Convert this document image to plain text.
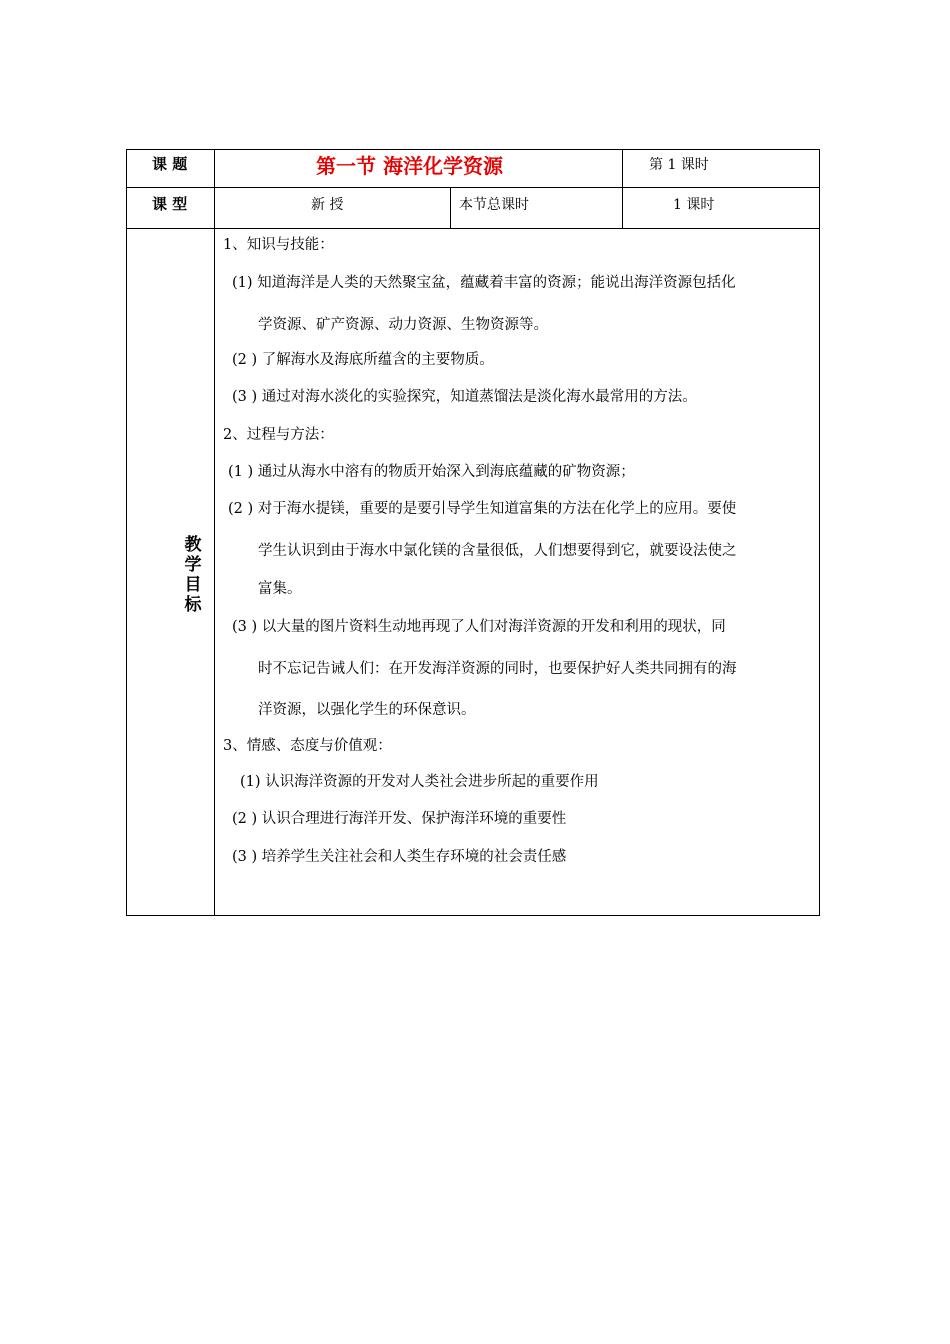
课 题	第一节 海洋化学资源	第 1 课时
课 型	新 授	本节总课时	1 课时
教学目标
1、知识与技能：
(1) 知道海洋是人类的天然聚宝盆，蕴藏着丰富的资源；能说出海洋资源包括化
学资源、矿产资源、动力资源、生物资源等。
(2 ) 了解海水及海底所蕴含的主要物质。
(3 ) 通过对海水淡化的实验探究，知道蒸馏法是淡化海水最常用的方法。
2、过程与方法：
(1 ) 通过从海水中溶有的物质开始深入到海底蕴藏的矿物资源；
(2 ) 对于海水提镁，重要的是要引导学生知道富集的方法在化学上的应用。要使
学生认识到由于海水中氯化镁的含量很低，人们想要得到它，就要设法使之
富集。
(3 ) 以大量的图片资料生动地再现了人们对海洋资源的开发和利用的现状，同
时不忘记告诫人们：在开发海洋资源的同时，也要保护好人类共同拥有的海
洋资源，以强化学生的环保意识。
3、情感、态度与价值观：
(1) 认识海洋资源的开发对人类社会进步所起的重要作用
(2 ) 认识合理进行海洋开发、保护海洋环境的重要性
(3 ) 培养学生关注社会和人类生存环境的社会责任感
